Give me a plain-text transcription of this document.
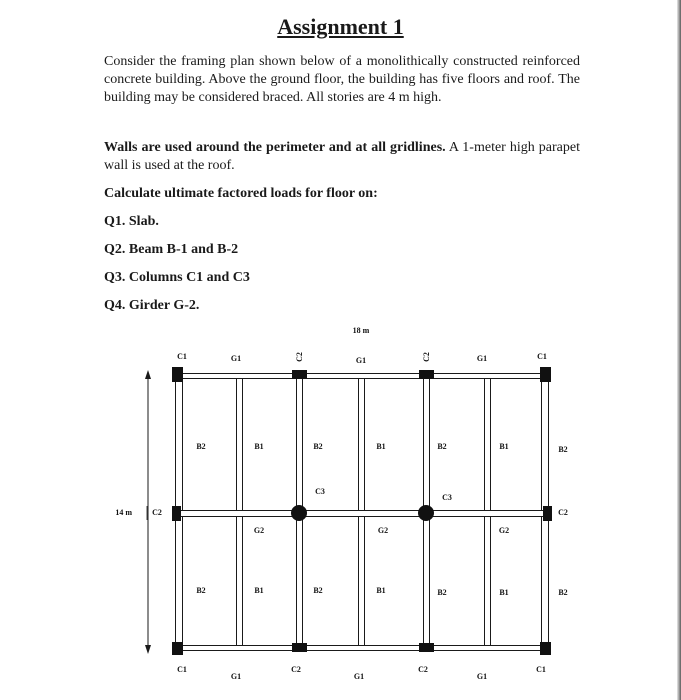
Assignment 1

Consider the framing plan shown below of a monolithically constructed reinforced concrete building. Above the ground floor, the building has five floors and roof. The building may be considered braced. All stories are 4 m high.

Walls are used around the perimeter and at all gridlines. A 1-meter high parapet wall is used at the roof.

Calculate ultimate factored loads for floor on:

Q1. Slab.

Q2. Beam B-1 and B-2

Q3. Columns C1 and C3

Q4. Girder G-2.

14 m
18 m
C1	G1	C2	G1	C2	G1	C1
B2	B1	B2	B1	B2	B1	B2
C3
C3
C2	C2
G2	G2	G2
B2	B1	B2	B1	B2	B1	B2
C1
G1
C2
G1
C2
G1
C1
